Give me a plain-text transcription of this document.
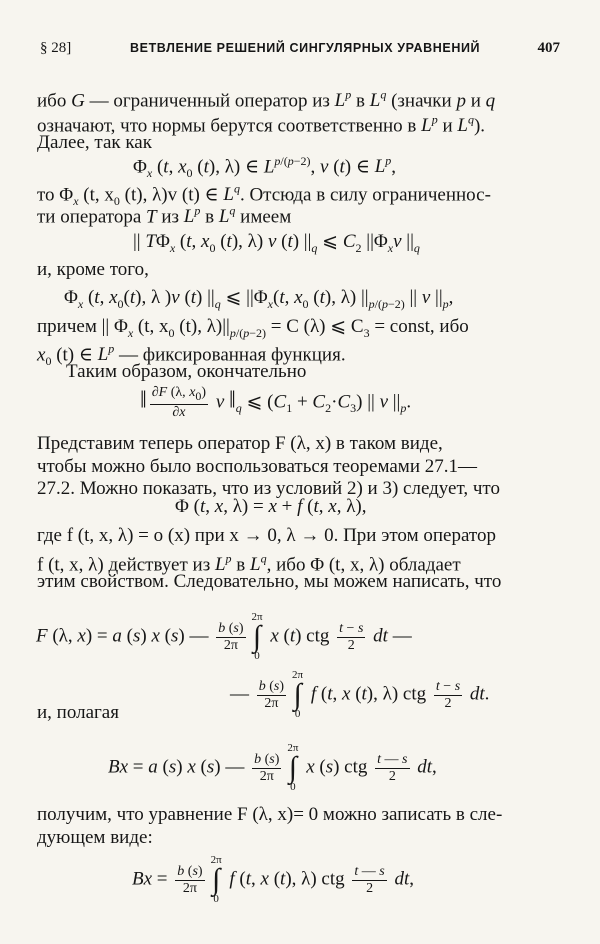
§ 28]	ВЕТВЛЕНИЕ РЕШЕНИЙ СИНГУЛЯРНЫХ УРАВНЕНИЙ	407
ибо G — ограниченный оператор из $L^p$ в $L^q$ (значки p и q
означают, что нормы берутся соответственно в $L^p$ и $L^q$).
Далее, так как
$\Phi_x$ (t, $x_0$ (t), λ) ∈ $L^{p/(p-2)}$, v (t) ∈ $L^p$,
то $\Phi_x$ (t, $x_0$ (t), λ)v (t) ∈ $L^q$. Отсюда в силу ограниченнос-
ти оператора T из $L^p$ в $L^q$ имеем
|| $T\Phi_x$ (t, $x_0$ (t), λ) v (t) $||_q$ ⩽ $C_2$ $||\Phi_xv$ $||_q$
и, кроме того,
$\Phi_x$ (t, $x_0(t)$, λ )v (t) $||_q$ ⩽ $||\Phi_x(t$, $x_0$ (t), λ) $||_{p/(p-2)}$ || v $||_p$,
причем || $\Phi_x$ (t, $x_0$ (t), $\lambda)||_{p/(p-2)} = C$ (λ) ⩽ $C_3$ = const, ибо
$x_0$ (t) ∈ $L^p$ — фиксированная функция.
Таким образом, окончательно
‖ $\frac{\partial F (\lambda, x_0)}{\partial x}$ v $‖_q$ ⩽ $(C_1 + C_2\cdot C_3)$ || v $||_p$.
Представим теперь оператор F (λ, x) в таком виде,
чтобы можно было воспользоваться теоремами 27.1—
27.2. Можно показать, что из условий 2) и 3) следует, что
Φ (t, x, λ) = x + f (t, x, λ),
где f (t, x, λ) = o (x) при x → 0, λ → 0. При этом оператор
f (t, x, λ) действует из $L^p$ в $L^q$, ибо Φ (t, x, λ) обладает
этим свойством. Следовательно, мы можем написать, что
F (λ, x) = a (s) x (s) — $\frac{b (s)}{2\pi}$
2π
∫
0 x (t) ctg $\frac{t - s}{2}$ dt —
— $\frac{b (s)}{2\pi}$
2π
∫
0 f (t, x (t), λ) ctg $\frac{t - s}{2}$ dt.
и, полагая
Bx = a (s) x (s) — $\frac{b (s)}{2\pi}$
2π
∫
0 x (s) ctg $\frac{t — s}{2}$ dt,
получим, что уравнение F (λ, x)= 0 можно записать в сле-
дующем виде:
$Bx = \frac{b (s)}{2\pi}$
2π
∫
0 f (t, x (t), λ) ctg $\frac{t — s}{2}$ dt,
